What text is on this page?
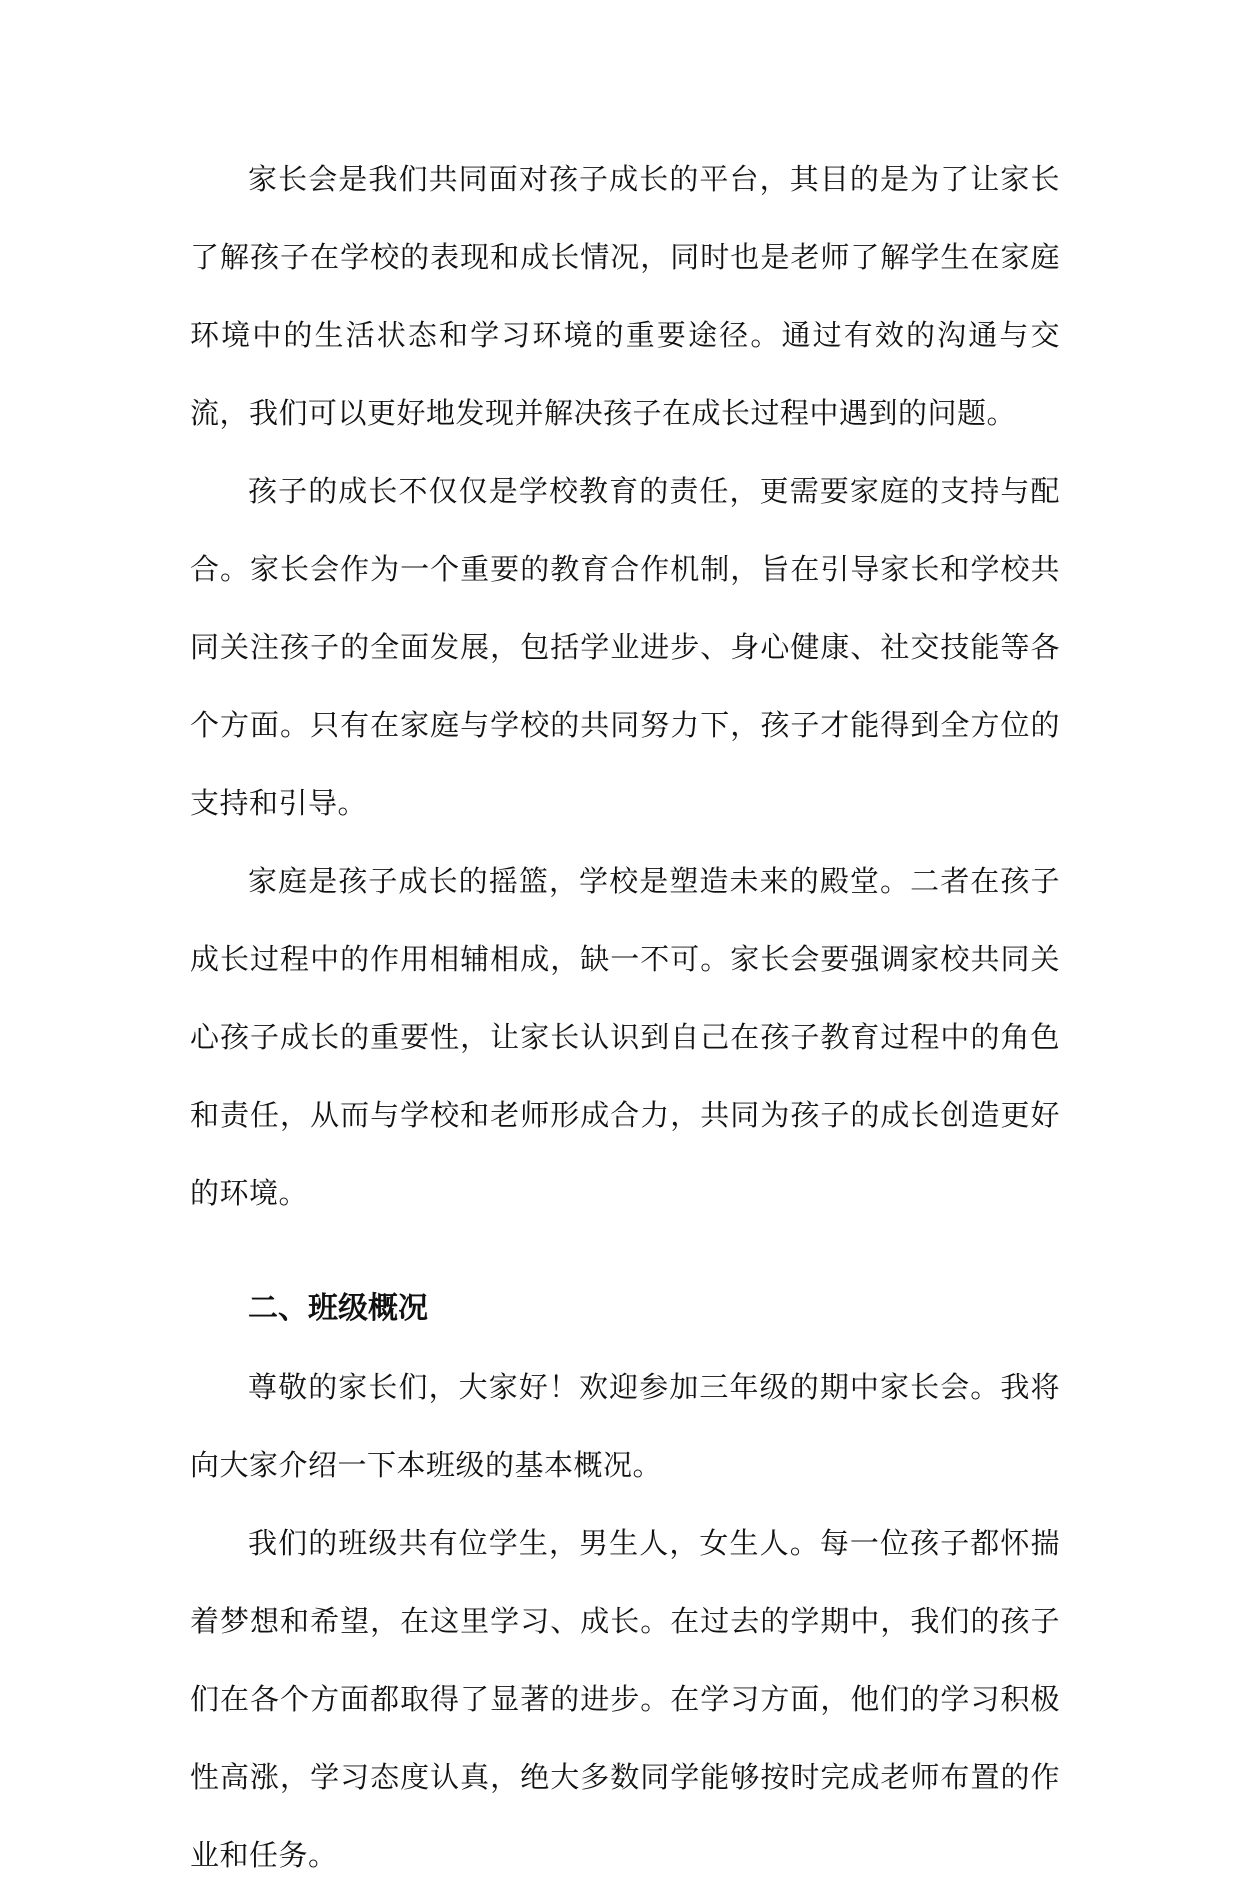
家长会是我们共同面对孩子成长的平台，其目的是为了让家长了解孩子在学校的表现和成长情况，同时也是老师了解学生在家庭环境中的生活状态和学习环境的重要途径。通过有效的沟通与交流，我们可以更好地发现并解决孩子在成长过程中遇到的问题。

孩子的成长不仅仅是学校教育的责任，更需要家庭的支持与配合。家长会作为一个重要的教育合作机制，旨在引导家长和学校共同关注孩子的全面发展，包括学业进步、身心健康、社交技能等各个方面。只有在家庭与学校的共同努力下，孩子才能得到全方位的支持和引导。

家庭是孩子成长的摇篮，学校是塑造未来的殿堂。二者在孩子成长过程中的作用相辅相成，缺一不可。家长会要强调家校共同关心孩子成长的重要性，让家长认识到自己在孩子教育过程中的角色和责任，从而与学校和老师形成合力，共同为孩子的成长创造更好的环境。

二、班级概况

尊敬的家长们，大家好！欢迎参加三年级的期中家长会。我将向大家介绍一下本班级的基本概况。

我们的班级共有位学生，男生人，女生人。每一位孩子都怀揣着梦想和希望，在这里学习、成长。在过去的学期中，我们的孩子们在各个方面都取得了显著的进步。在学习方面，他们的学习积极性高涨，学习态度认真，绝大多数同学能够按时完成老师布置的作业和任务。
